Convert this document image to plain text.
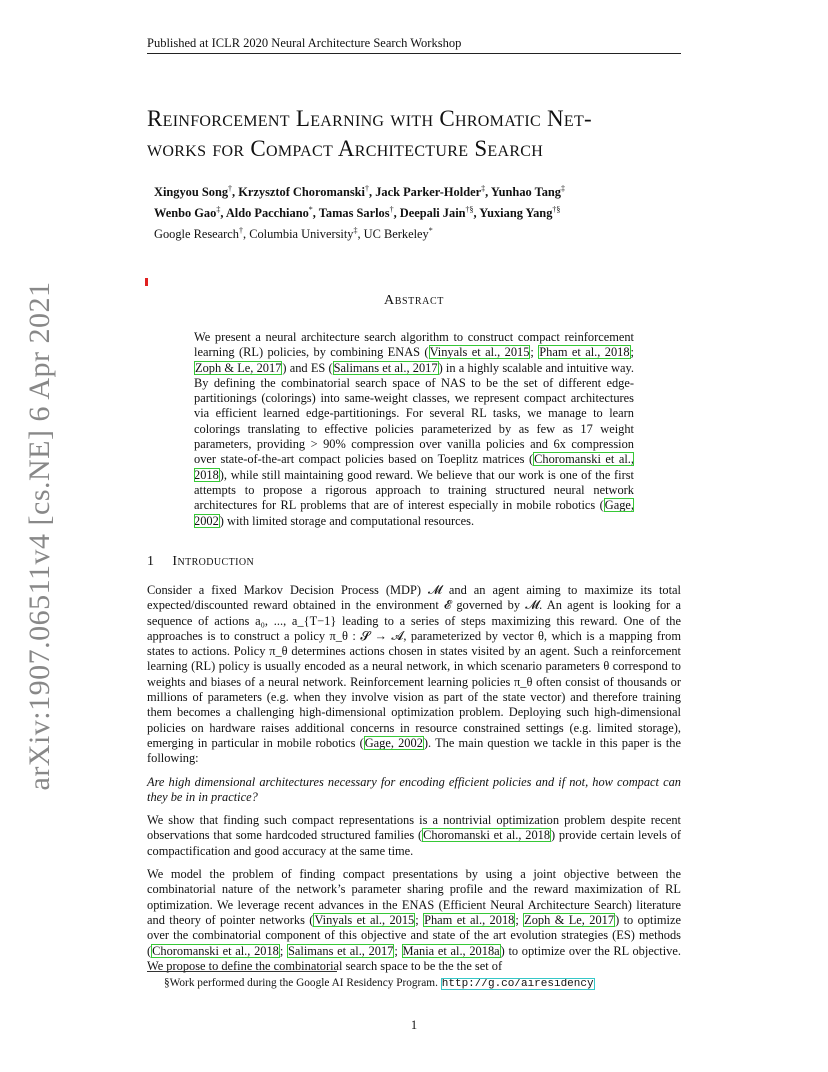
Published at ICLR 2020 Neural Architecture Search Workshop
arXiv:1907.06511v4 [cs.NE] 6 Apr 2021
Reinforcement Learning with Chromatic Net-
works for Compact Architecture Search
Xingyou Song†, Krzysztof Choromanski†, Jack Parker-Holder‡, Yunhao Tang‡
Wenbo Gao‡, Aldo Pacchiano*, Tamas Sarlos†, Deepali Jain†§, Yuxiang Yang†§
Google Research†, Columbia University‡, UC Berkeley*
Abstract
We present a neural architecture search algorithm to construct compact reinforcement learning (RL) policies, by combining ENAS (Vinyals et al., 2015; Pham et al., 2018; Zoph & Le, 2017) and ES (Salimans et al., 2017) in a highly scalable and intuitive way. By defining the combinatorial search space of NAS to be the set of different edge-partitionings (colorings) into same-weight classes, we represent compact architectures via efficient learned edge-partitionings. For several RL tasks, we manage to learn colorings translating to effective policies parameterized by as few as 17 weight parameters, providing > 90% compression over vanilla policies and 6x compression over state-of-the-art compact policies based on Toeplitz matrices (Choromanski et al., 2018), while still maintaining good reward. We believe that our work is one of the first attempts to propose a rigorous approach to training structured neural network architectures for RL problems that are of interest especially in mobile robotics (Gage, 2002) with limited storage and computational resources.
1 Introduction

Consider a fixed Markov Decision Process (MDP) 𝓜 and an agent aiming to maximize its total expected/discounted reward obtained in the environment 𝓔 governed by 𝓜. An agent is looking for a sequence of actions a₀, ..., a_{T−1} leading to a series of steps maximizing this reward. One of the approaches is to construct a policy π_θ : 𝓢 → 𝓐, parameterized by vector θ, which is a mapping from states to actions. Policy π_θ determines actions chosen in states visited by an agent. Such a reinforcement learning (RL) policy is usually encoded as a neural network, in which scenario parameters θ correspond to weights and biases of a neural network. Reinforcement learning policies π_θ often consist of thousands or millions of parameters (e.g. when they involve vision as part of the state vector) and therefore training them becomes a challenging high-dimensional optimization problem. Deploying such high-dimensional policies on hardware raises additional concerns in resource constrained settings (e.g. limited storage), emerging in particular in mobile robotics (Gage, 2002). The main question we tackle in this paper is the following:

Are high dimensional architectures necessary for encoding efficient policies and if not, how compact can they be in in practice?

We show that finding such compact representations is a nontrivial optimization problem despite recent observations that some hardcoded structured families (Choromanski et al., 2018) provide certain levels of compactification and good accuracy at the same time.

We model the problem of finding compact presentations by using a joint objective between the combinatorial nature of the network’s parameter sharing profile and the reward maximization of RL optimization. We leverage recent advances in the ENAS (Efficient Neural Architecture Search) literature and theory of pointer networks (Vinyals et al., 2015; Pham et al., 2018; Zoph & Le, 2017) to optimize over the combinatorial component of this objective and state of the art evolution strategies (ES) methods (Choromanski et al., 2018; Salimans et al., 2017; Mania et al., 2018a) to optimize over the RL objective. We propose to define the combinatorial search space to be the the set of

§Work performed during the Google AI Residency Program. http://g.co/airesidency
1
